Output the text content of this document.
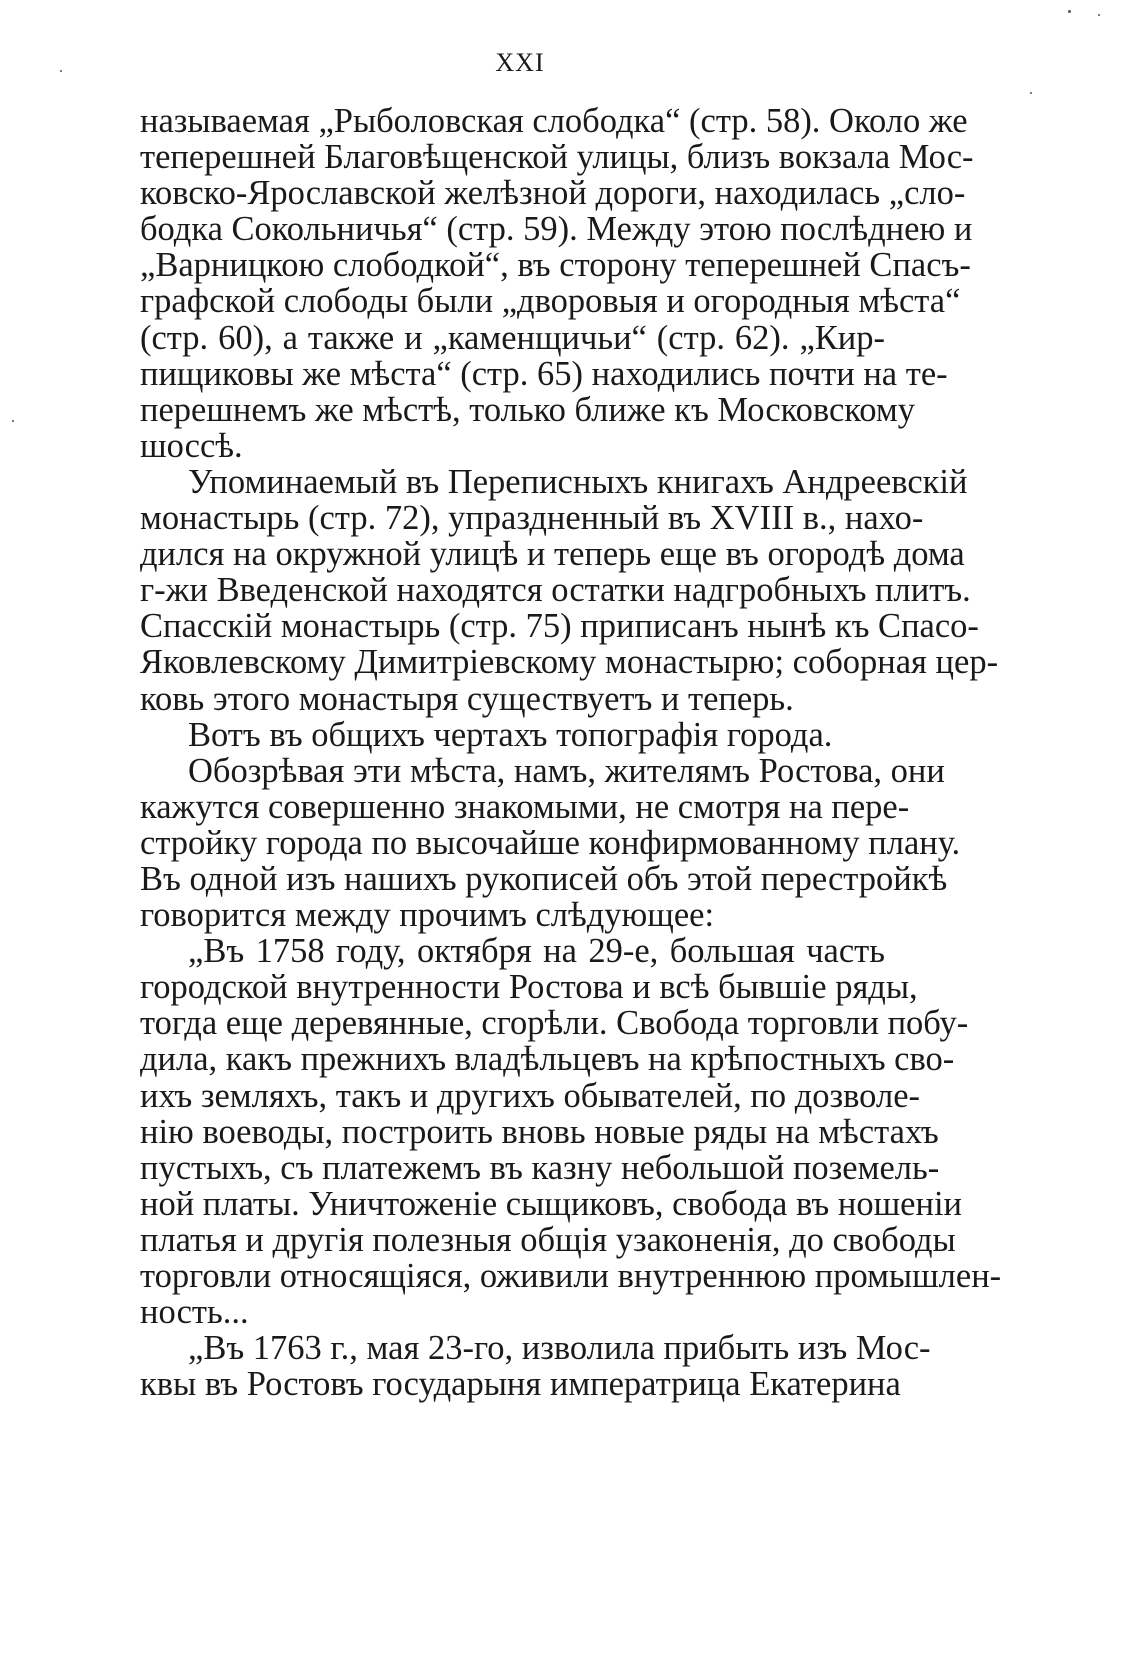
XXI
называемая „Рыболовская слободка“ (стр. 58). Около же
теперешней Благовѣщенской улицы, близъ вокзала Мос-
ковско-Ярославской желѣзной дороги, находилась „сло-
бодка Сокольничья“ (стр. 59). Между этою послѣднею и
„Варницкою слободкой“, въ сторону теперешней Спасъ-
графской слободы были „дворовыя и огородныя мѣста“
(стр. 60), а также и „каменщичьи“ (стр. 62). „Кир-
пищиковы же мѣста“ (стр. 65) находились почти на те-
перешнемъ же мѣстѣ, только ближе къ Московскому
шоссѣ.
Упоминаемый въ Переписныхъ книгахъ Андреевскій
монастырь (стр. 72), упраздненный въ XVIII в., нахо-
дился на окружной улицѣ и теперь еще въ огородѣ дома
г-жи Введенской находятся остатки надгробныхъ плитъ.
Спасскій монастырь (стр. 75) приписанъ нынѣ къ Спасо-
Яковлевскому Димитріевскому монастырю; соборная цер-
ковь этого монастыря существуетъ и теперь.
Вотъ въ общихъ чертахъ топографія города.
Обозрѣвая эти мѣста, намъ, жителямъ Ростова, они
кажутся совершенно знакомыми, не смотря на пере-
стройку города по высочайше конфирмованному плану.
Въ одной изъ нашихъ рукописей объ этой перестройкѣ
говорится между прочимъ слѣдующее:
„Въ 1758 году, октября на 29-е, большая часть
городской внутренности Ростова и всѣ бывшіе ряды,
тогда еще деревянные, сгорѣли. Свобода торговли побу-
дила, какъ прежнихъ владѣльцевъ на крѣпостныхъ сво-
ихъ земляхъ, такъ и другихъ обывателей, по дозволе-
нію воеводы, построить вновь новые ряды на мѣстахъ
пустыхъ, съ платежемъ въ казну небольшой поземель-
ной платы. Уничтоженіе сыщиковъ, свобода въ ношеніи
платья и другія полезныя общія узаконенія, до свободы
торговли относящіяся, оживили внутреннюю промышлен-
ность...
„Въ 1763 г., мая 23-го, изволила прибыть изъ Мос-
квы въ Ростовъ государыня императрица Екатерина
